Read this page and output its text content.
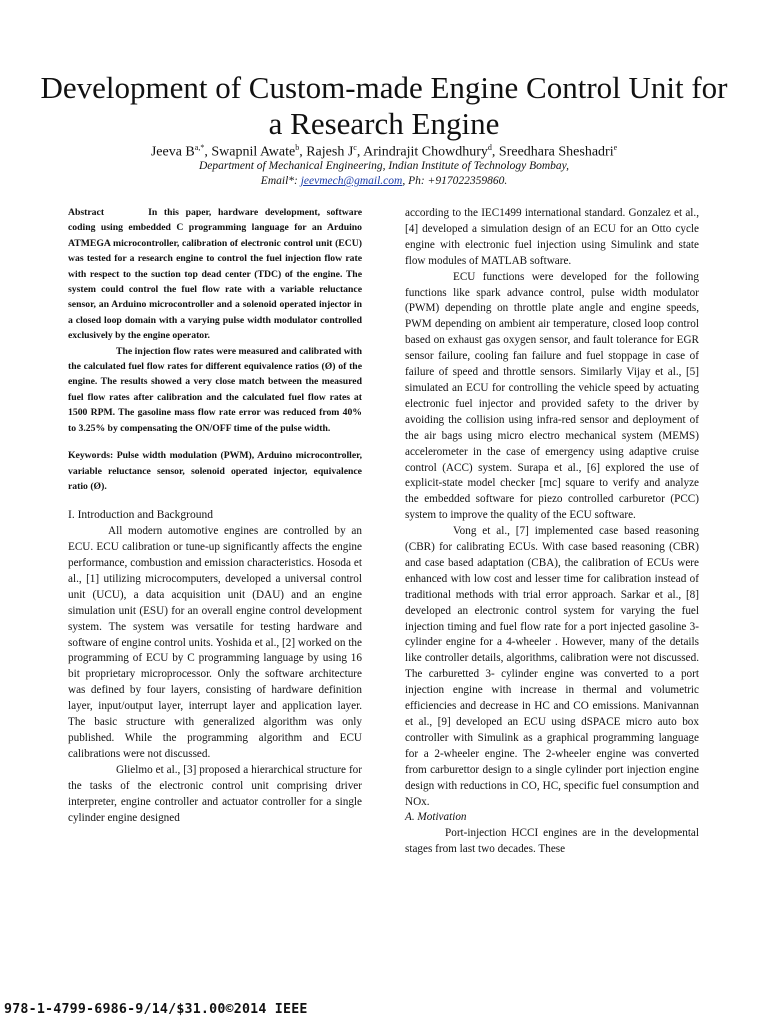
Development of Custom-made Engine Control Unit for a Research Engine
Jeeva $B^{a,*}$, Swapnil Awate$^b$, Rajesh $J^c$, Arindrajit Chowdhury$^d$, Sreedhara Sheshadri$^e$
Department of Mechanical Engineering, Indian Institute of Technology Bombay,
Email*: jeevmech@gmail.com, Ph: +917022359860.

Abstract	In this paper, hardware development, software coding using embedded C programming language for an Arduino ATMEGA microcontroller, calibration of electronic control unit (ECU) was tested for a research engine to control the fuel injection flow rate with respect to the suction top dead center (TDC) of the engine. The system could control the fuel flow rate with a variable reluctance sensor, an Arduino microcontroller and a solenoid operated injector in a closed loop domain with a varying pulse width modulator controlled exclusively by the engine operator.

The injection flow rates were measured and calibrated with the calculated fuel flow rates for different equivalence ratios (Ø) of the engine. The results showed a very close match between the measured fuel flow rates after calibration and the calculated fuel flow rates at 1500 RPM. The gasoline mass flow rate error was reduced from 40% to 3.25% by compensating the ON/OFF time of the pulse width.

Keywords: Pulse width modulation (PWM), Arduino microcontroller, variable reluctance sensor, solenoid operated injector, equivalence ratio (Ø).

I. Introduction and Background

All modern automotive engines are controlled by an ECU. ECU calibration or tune-up significantly affects the engine performance, combustion and emission characteristics. Hosoda et al., [1] utilizing microcomputers, developed a universal control unit (UCU), a data acquisition unit (DAU) and an engine simulation unit (ESU) for an overall engine control development system. The system was versatile for testing hardware and software of engine control units. Yoshida et al., [2] worked on the programming of ECU by C programming language by using 16 bit proprietary microprocessor. Only the software architecture was defined by four layers, consisting of hardware definition layer, input/output layer, interrupt layer and application layer. The basic structure with generalized algorithm was only published. While the programming algorithm and ECU calibrations were not discussed.

Glielmo et al., [3] proposed a hierarchical structure for the tasks of the electronic control unit comprising driver interpreter, engine controller and actuator controller for a single cylinder engine designed

according to the IEC1499 international standard. Gonzalez et al., [4] developed a simulation design of an ECU for an Otto cycle engine with electronic fuel injection using Simulink and state flow modules of MATLAB software.

ECU functions were developed for the following functions like spark advance control, pulse width modulator (PWM) depending on throttle plate angle and engine speeds, PWM depending on ambient air temperature, closed loop control based on exhaust gas oxygen sensor, and fault tolerance for EGR sensor failure, cooling fan failure and fuel stoppage in case of failure of speed and throttle sensors. Similarly Vijay et al., [5] simulated an ECU for controlling the vehicle speed by actuating electronic fuel injector and provided safety to the driver by avoiding the collision using infra-red sensor and deployment of the air bags using micro electro mechanical system (MEMS) accelerometer in the case of emergency using adaptive cruise control (ACC) system. Surapa et al., [6] explored the use of explicit-state model checker [mc] square to verify and analyze the embedded software for piezo controlled carburetor (PCC) system to improve the quality of the ECU software.

Vong et al., [7] implemented case based reasoning (CBR) for calibrating ECUs. With case based reasoning (CBR) and case based adaptation (CBA), the calibration of ECUs were enhanced with low cost and lesser time for calibration instead of traditional methods with trial error approach. Sarkar et al., [8] developed an electronic control system for varying the fuel injection timing and fuel flow rate for a port injected gasoline 3-cylinder engine for a 4-wheeler . However, many of the details like controller details, algorithms, calibration were not discussed. The carburetted 3- cylinder engine was converted to a port injection engine with increase in thermal and volumetric efficiencies and decrease in HC and CO emissions. Manivannan et al., [9] developed an ECU using dSPACE micro auto box controller with Simulink as a graphical programming language for a 2-wheeler engine. The 2-wheeler engine was converted from carburettor design to a single cylinder port injection engine design with reductions in CO, HC, specific fuel consumption and NOx.

A. Motivation

Port-injection HCCI engines are in the developmental stages from last two decades. These

978-1-4799-6986-9/14/$31.00©2014 IEEE
